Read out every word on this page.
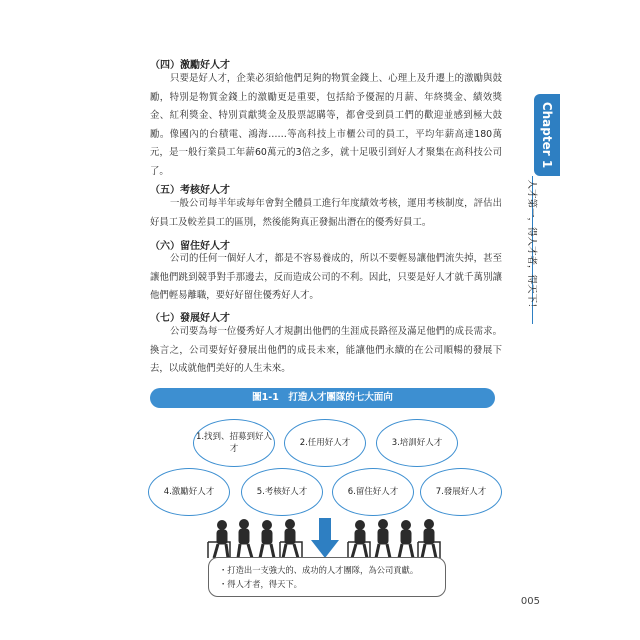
（四）激勵好人才
只要是好人才，企業必須給他們足夠的物質金錢上、心理上及升遷上的激勵與鼓勵，特別是物質金錢上的激勵更是重要，包括給予優渥的月薪、年終獎金、績效獎金、紅利獎金、特別貢獻獎金及股票認購等，都會受到員工們的歡迎並感到極大鼓勵。像國內的台積電、鴻海……等高科技上市櫃公司的員工，平均年薪高達180萬元，是一般行業員工年薪60萬元的3倍之多，就十足吸引到好人才聚集在高科技公司了。
（五）考核好人才
一般公司每半年或每年會對全體員工進行年度績效考核，運用考核制度，評估出好員工及較差員工的區別，然後能夠真正發掘出潛在的優秀好員工。
（六）留住好人才
公司的任何一個好人才，都是不容易養成的，所以不要輕易讓他們流失掉，甚至讓他們跳到競爭對手那邊去，反而造成公司的不利。因此，只要是好人才就千萬別讓他們輕易離職，要好好留住優秀好人才。
（七）發展好人才
公司要為每一位優秀好人才規劃出他們的生涯成長路徑及滿足他們的成長需求。換言之，公司要好好發展出他們的成長未來，能讓他們永續的在公司順暢的發展下去，以成就他們美好的人生未來。
Chapter 1
人才第一，得人才者，得天下！
圖1-1　打造人才團隊的七大面向
1.找到、招募到好人才
2.任用好人才	3.培訓好人才
4.激勵好人才	5.考核好人才	6.留住好人才	7.發展好人才
・打造出一支強大的、成功的人才團隊，為公司貢獻。
・得人才者，得天下。
005
